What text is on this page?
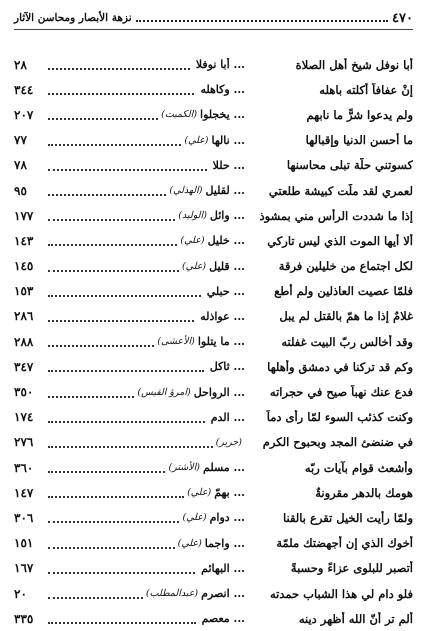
٤٧٠
نزهة الأبصار ومحاسن الآثار
أبا نوفل شيخ أهل الصلاة
... أبا نوفلا
٢٨
إنْ عفافاً أكلته باهله
... وكاهله
٣٤٤
ولم يدعوا شرًّ ما نابهم
... يخجلوا
(الكميت)
٢٠٧
ما أحسن الدنيا وإقبالها
... نالها
(علي)
٧٧
كسوتني حلّة تبلى محاسنها
... حللا
٧٨
لعمري لقد ملّت كبيشة طلعتي
... لقليل
(الهذلي)
٩٥
إذا ما شددت الرأس مني بمشوذ
... وائل
(الوليد)
١٧٧
ألا أيها الموت الذي ليس تاركي
... خليل
(علي)
١٤٣
لكل اجتماع من خليلين فرقة
... قليل
(علي)
١٤٥
فلمّا عصيت العاذلين ولم أطع
... حبلي
١٥٣
غلامٌ إذا ما همّ بالقتل لم يبل
... عواذله
٢٨٦
وقد أخالس ربّ البيت غفلته
... ما يتلوا
(الأعشى)
٢٨٨
وكم قد تركنا في دمشق وأهلها
... ثاكل
٣٤٧
فدع عنك نهباً صيح في حجراته
... الرواحل
(امرؤ القيس)
٣٥٠
وكنت كذئب السوء لمّا رأى دماً
... الدم
١٧٤
في ضنضئ المجد وبحبوح الكرم
(جرير)
٢٧٦
وأشعث قوام بآيات ربّه
... مسلم
(الأشتر)
٣٦٠
هومك بالدهر مقرونةٌ
... بهمّ
(علي)
١٤٧
ولمّا رأيت الخيل تقرع بالقنا
... دوام
(علي)
٣٠٦
أخوك الذي إن أجهضتك ملمّة
... واجما
(علي)
١٥١
أتصبر للبلوى عزاءً وحسبةً
... البهائم
١٦٧
فلو دام لي هذا الشباب حمدته
... انصرم
(عبدالمطلب)
٢٠
ألم تر أنّ الله أظهر دينه
... معصم
٣٣٥
